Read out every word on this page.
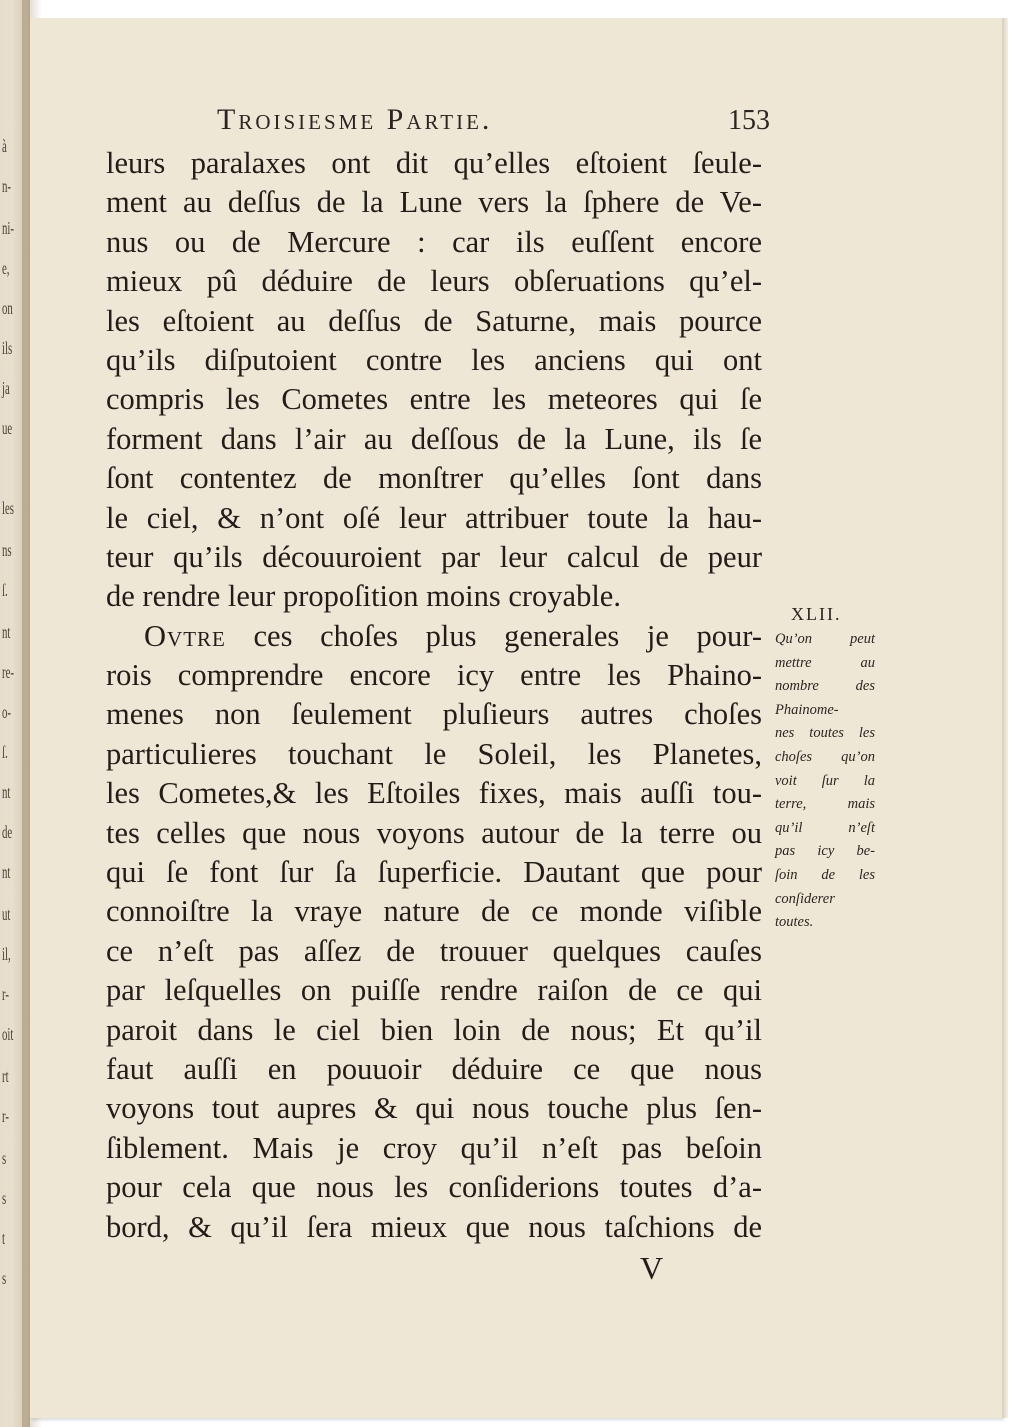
à
n-
ni-
e,
on
ils
ja
ue
les
ns
ſ.
nt
re-
o-
ſ.
nt
de
nt
ut
il,
r-
oit
rt
r-
s
s
t
s
Troisiesme Partie.	153
leurs paralaxes ont dit qu’elles eſtoient ſeule-
ment au deſſus de la Lune vers la ſphere de Ve-
nus ou de Mercure : car ils euſſent encore
mieux pû déduire de leurs obſeruations qu’el-
les eſtoient au deſſus de Saturne, mais pource
qu’ils diſputoient contre les anciens qui ont
compris les Cometes entre les meteores qui ſe
forment dans l’air au deſſous de la Lune, ils ſe
ſont contentez de monſtrer qu’elles ſont dans
le ciel, & n’ont oſé leur attribuer toute la hau-
teur qu’ils découuroient par leur calcul de peur
de rendre leur propoſition moins croyable.
Ovtre ces choſes plus generales je pour-
rois comprendre encore icy entre les Phaino-
menes non ſeulement pluſieurs autres choſes
particulieres touchant le Soleil, les Planetes,
les Cometes,& les Eſtoiles fixes, mais auſſi tou-
tes celles que nous voyons autour de la terre ou
qui ſe font ſur ſa ſuperficie. Dautant que pour
connoiſtre la vraye nature de ce monde viſible
ce n’eſt pas aſſez de trouuer quelques cauſes
par leſquelles on puiſſe rendre raiſon de ce qui
paroit dans le ciel bien loin de nous; Et qu’il
faut auſſi en pouuoir déduire ce que nous
voyons tout aupres & qui nous touche plus ſen-
ſiblement. Mais je croy qu’il n’eſt pas beſoin
pour cela que nous les conſiderions toutes d’a-
bord, & qu’il ſera mieux que nous taſchions de
XLII.
Qu’on peut
mettre au
nombre des
Phainome-
nes toutes les
choſes qu’on
voit ſur la
terre, mais
qu’il n’eſt
pas icy be-
ſoin de les
conſiderer
toutes.
V
